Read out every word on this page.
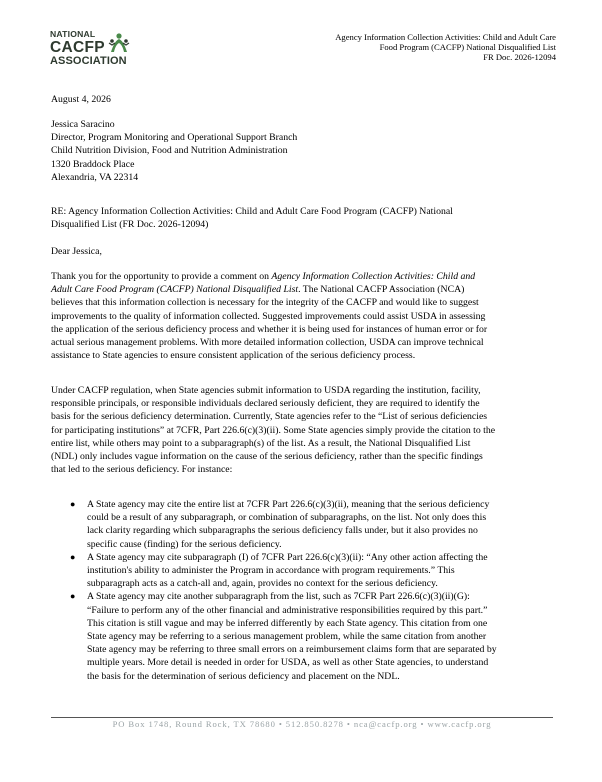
NATIONAL
CACFP
ASSOCIATION
Agency Information Collection Activities: Child and Adult Care
Food Program (CACFP) National Disqualified List
FR Doc. 2026-12094
August 4, 2026
Jessica Saracino
Director, Program Monitoring and Operational Support Branch
Child Nutrition Division, Food and Nutrition Administration
1320 Braddock Place
Alexandria, VA 22314
RE: Agency Information Collection Activities: Child and Adult Care Food Program (CACFP) National
Disqualified List (FR Doc. 2026-12094)
Dear Jessica,
Thank you for the opportunity to provide a comment on Agency Information Collection Activities: Child and
Adult Care Food Program (CACFP) National Disqualified List. The National CACFP Association (NCA)
believes that this information collection is necessary for the integrity of the CACFP and would like to suggest
improvements to the quality of information collected. Suggested improvements could assist USDA in assessing
the application of the serious deficiency process and whether it is being used for instances of human error or for
actual serious management problems. With more detailed information collection, USDA can improve technical
assistance to State agencies to ensure consistent application of the serious deficiency process.
Under CACFP regulation, when State agencies submit information to USDA regarding the institution, facility,
responsible principals, or responsible individuals declared seriously deficient, they are required to identify the
basis for the serious deficiency determination. Currently, State agencies refer to the “List of serious deficiencies
for participating institutions” at 7CFR, Part 226.6(c)(3)(ii). Some State agencies simply provide the citation to the
entire list, while others may point to a subparagraph(s) of the list. As a result, the National Disqualified List
(NDL) only includes vague information on the cause of the serious deficiency, rather than the specific findings
that led to the serious deficiency. For instance:
● A State agency may cite the entire list at 7CFR Part 226.6(c)(3)(ii), meaning that the serious deficiency
could be a result of any subparagraph, or combination of subparagraphs, on the list. Not only does this
lack clarity regarding which subparagraphs the serious deficiency falls under, but it also provides no
specific cause (finding) for the serious deficiency.
● A State agency may cite subparagraph (I) of 7CFR Part 226.6(c)(3)(ii): “Any other action affecting the
institution's ability to administer the Program in accordance with program requirements.” This
subparagraph acts as a catch-all and, again, provides no context for the serious deficiency.
● A State agency may cite another subparagraph from the list, such as 7CFR Part 226.6(c)(3)(ii)(G):
“Failure to perform any of the other financial and administrative responsibilities required by this part.”
This citation is still vague and may be inferred differently by each State agency. This citation from one
State agency may be referring to a serious management problem, while the same citation from another
State agency may be referring to three small errors on a reimbursement claims form that are separated by
multiple years. More detail is needed in order for USDA, as well as other State agencies, to understand
the basis for the determination of serious deficiency and placement on the NDL.
PO Box 1748, Round Rock, TX 78680 • 512.850.8278 • nca@cacfp.org • www.cacfp.org
